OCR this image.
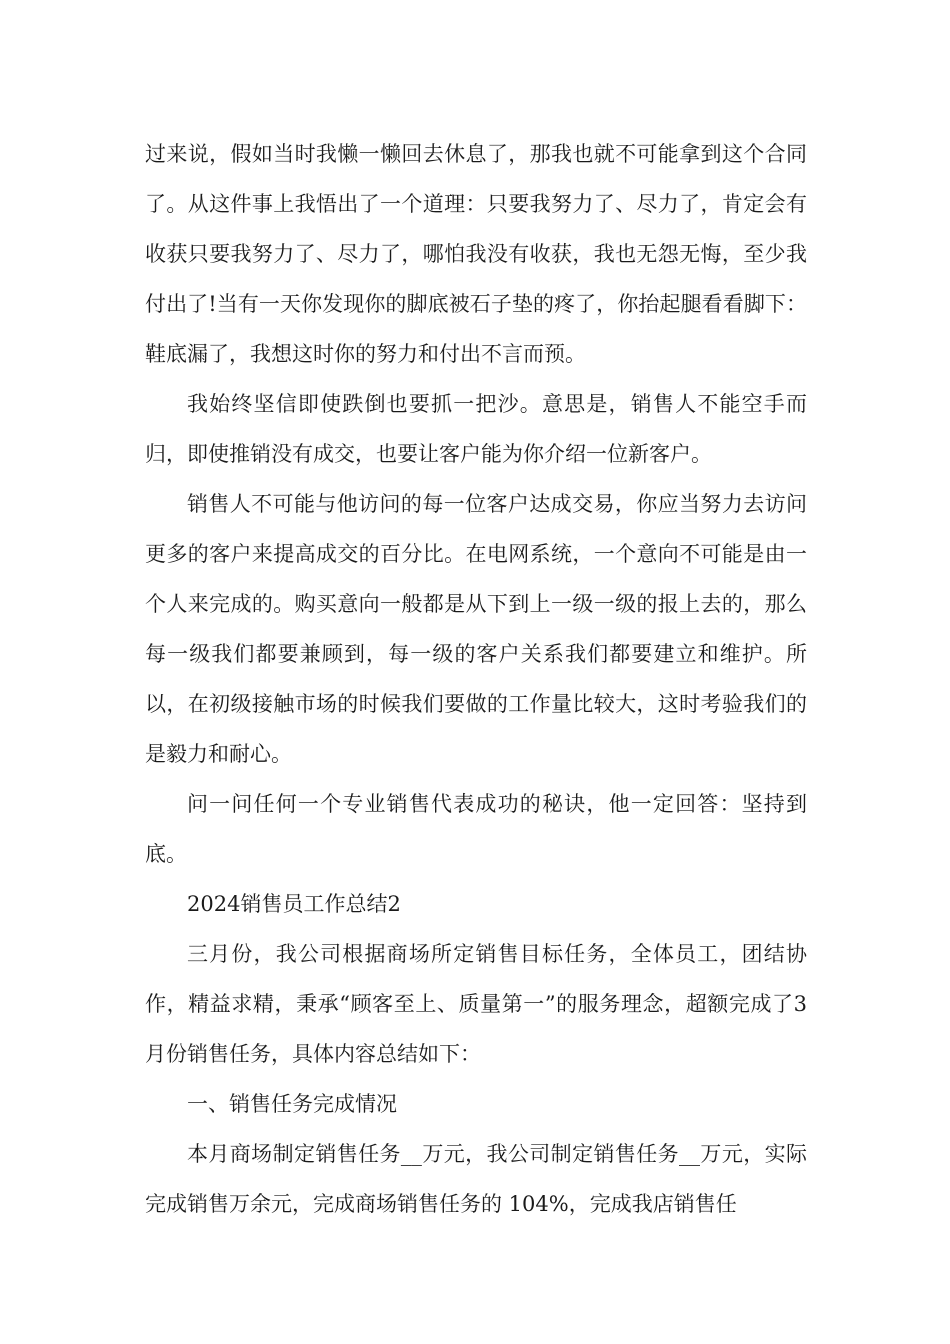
过来说，假如当时我懒一懒回去休息了，那我也就不可能拿到这个合同了。从这件事上我悟出了一个道理：只要我努力了、尽力了，肯定会有收获只要我努力了、尽力了，哪怕我没有收获，我也无怨无悔，至少我付出了!当有一天你发现你的脚底被石子垫的疼了，你抬起腿看看脚下：鞋底漏了，我想这时你的努力和付出不言而预。

我始终坚信即使跌倒也要抓一把沙。意思是，销售人不能空手而归，即使推销没有成交，也要让客户能为你介绍一位新客户。

销售人不可能与他访问的每一位客户达成交易，你应当努力去访问更多的客户来提高成交的百分比。在电网系统，一个意向不可能是由一个人来完成的。购买意向一般都是从下到上一级一级的报上去的，那么每一级我们都要兼顾到，每一级的客户关系我们都要建立和维护。所以，在初级接触市场的时候我们要做的工作量比较大，这时考验我们的是毅力和耐心。

问一问任何一个专业销售代表成功的秘诀，他一定回答：坚持到底。

2024销售员工作总结2

三月份，我公司根据商场所定销售目标任务，全体员工，团结协作，精益求精，秉承“顾客至上、质量第一”的服务理念，超额完成了3月份销售任务，具体内容总结如下：

一、销售任务完成情况

本月商场制定销售任务__万元，我公司制定销售任务__万元，实际完成销售万余元，完成商场销售任务的 104%，完成我店销售任
